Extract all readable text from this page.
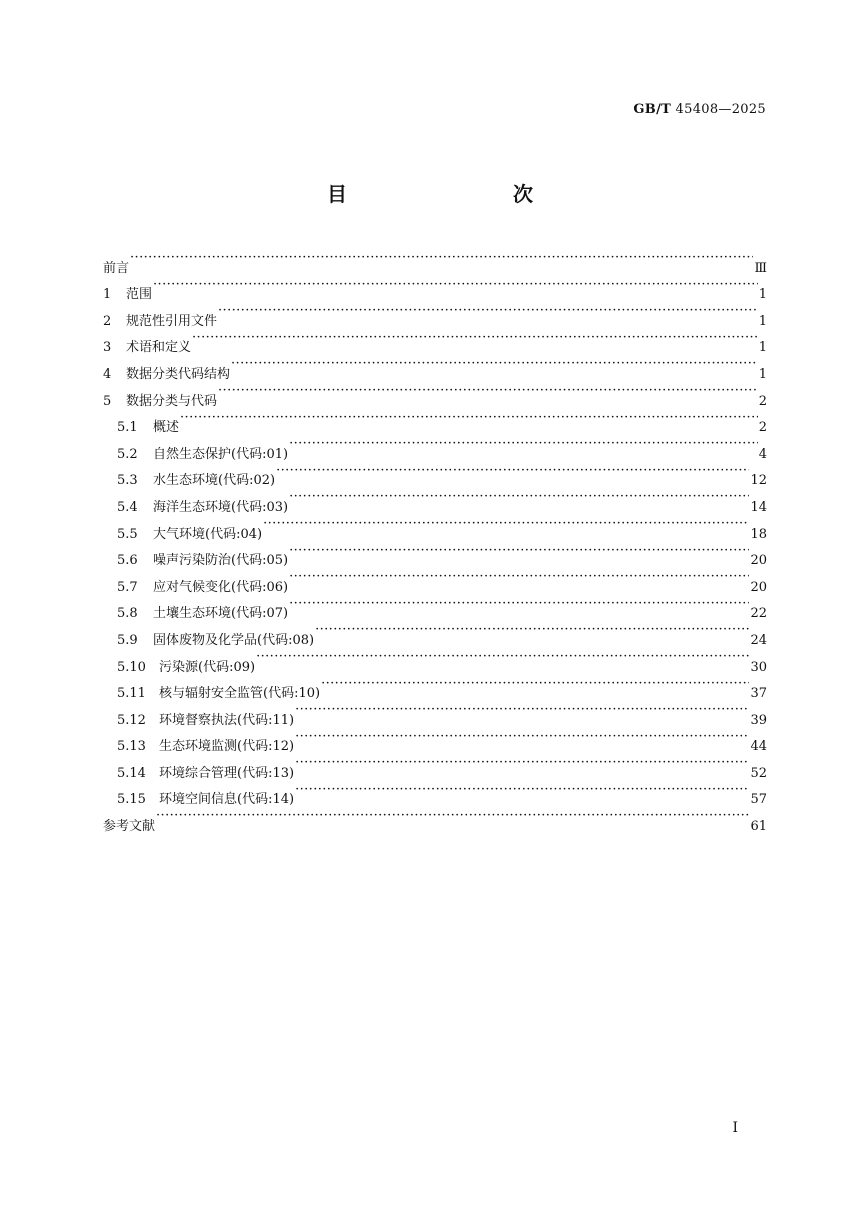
GB/T 45408—2025
目　　次
前言 ·····	Ⅲ
1	范围 ·····	1
2	规范性引用文件 ·····	1
3	术语和定义 ·····	1
4	数据分类代码结构 ·····	1
5	数据分类与代码 ·····	2
5.1	概述 ·····	2
5.2	自然生态保护(代码:01) ·····	4
5.3	水生态环境(代码:02) ·····	12
5.4	海洋生态环境(代码:03) ·····	14
5.5	大气环境(代码:04) ·····	18
5.6	噪声污染防治(代码:05) ·····	20
5.7	应对气候变化(代码:06) ·····	20
5.8	土壤生态环境(代码:07) ·····	22
5.9	固体废物及化学品(代码:08) ·····	24
5.10	污染源(代码:09) ·····	30
5.11	核与辐射安全监管(代码:10) ·····	37
5.12	环境督察执法(代码:11) ·····	39
5.13	生态环境监测(代码:12) ·····	44
5.14	环境综合管理(代码:13) ·····	52
5.15	环境空间信息(代码:14) ·····	57
参考文献 ·····	61
I
